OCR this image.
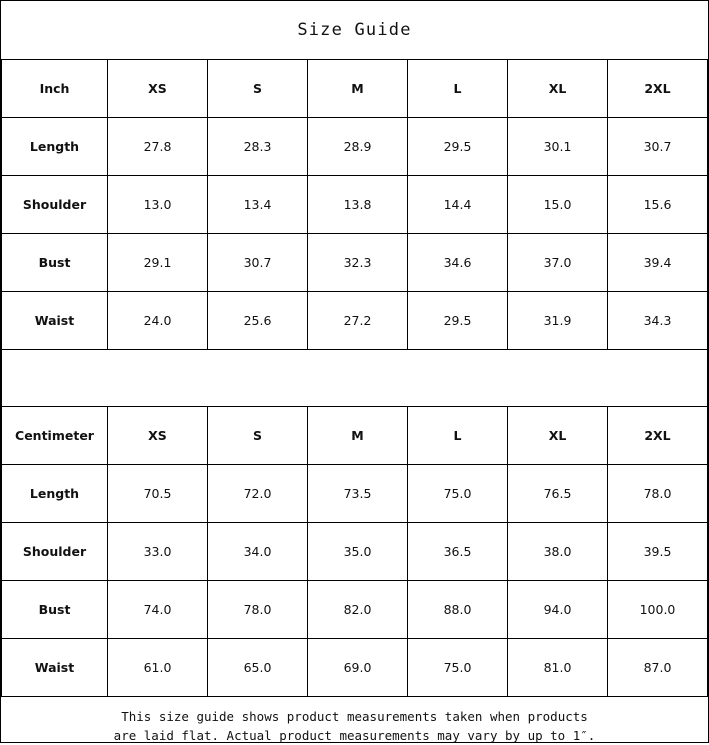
Size Guide
Inch	XS	S	M	L	XL	2XL
Length	27.8	28.3	28.9	29.5	30.1	30.7
Shoulder	13.0	13.4	13.8	14.4	15.0	15.6
Bust	29.1	30.7	32.3	34.6	37.0	39.4
Waist	24.0	25.6	27.2	29.5	31.9	34.3
Centimeter	XS	S	M	L	XL	2XL
Length	70.5	72.0	73.5	75.0	76.5	78.0
Shoulder	33.0	34.0	35.0	36.5	38.0	39.5
Bust	74.0	78.0	82.0	88.0	94.0	100.0
Waist	61.0	65.0	69.0	75.0	81.0	87.0
This size guide shows product measurements taken when products
are laid flat. Actual product measurements may vary by up to 1″.
